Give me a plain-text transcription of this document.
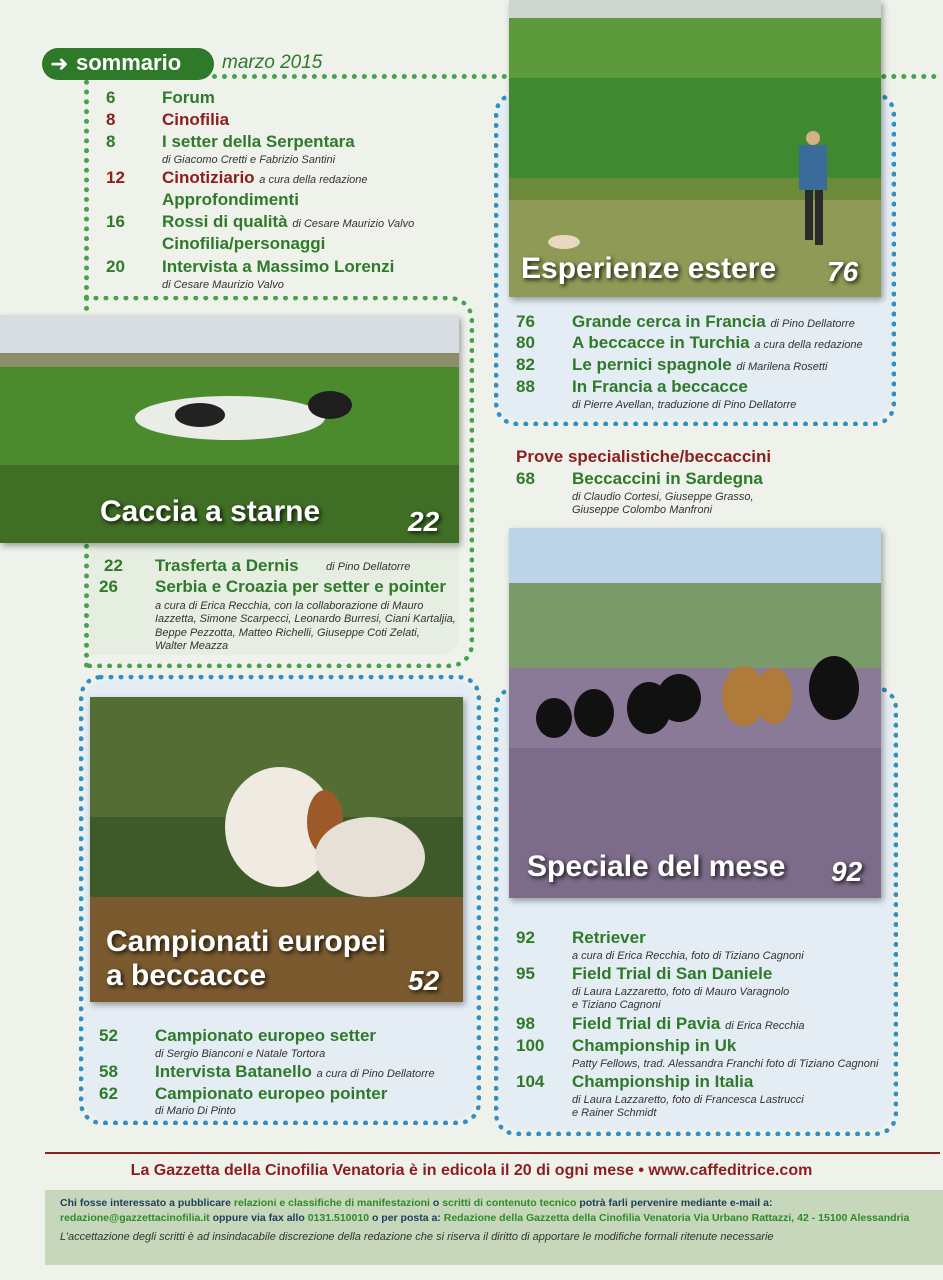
➜ sommario marzo 2015
6	Forum
8	Cinofilia
8	I setter della Serpentara
di Giacomo Cretti e Fabrizio Santini
12 Cinotiziario a cura della redazione
Approfondimenti
16 Rossi di qualità di Cesare Maurizio Valvo
Cinofilia/personaggi
20 Intervista a Massimo Lorenzi
di Cesare Maurizio Valvo	Esperienze estere 76
76 Grande cerca in Francia di Pino Dellatorre
80 A beccacce in Turchia a cura della redazione
82 Le pernici spagnole di Marilena Rosetti
88 In Francia a beccacce
di Pierre Avellan, traduzione di Pino Dellatorre
Prove specialistiche/beccaccini
68 Beccaccini in Sardegna
di Claudio Cortesi, Giuseppe Grasso,
Giuseppe Colombo Manfroni
Caccia a starne	22
22 Trasferta a Dernis di Pino Dellatorre
26 Serbia e Croazia per setter e pointer
a cura di Erica Recchia, con la collaborazione di Mauro
Iazzetta, Simone Scarpecci, Leonardo Burresi, Ciani Kartaljia,
Beppe Pezzotta, Matteo Richelli, Giuseppe Coti Zelati,
Walter Meazza
Campionati europei
a beccacce	52
52 Campionato europeo setter
di Sergio Bianconi e Natale Tortora
58 Intervista Batanello a cura di Pino Dellatorre
62 Campionato europeo pointer
di Mario Di Pinto
Speciale del mese 92
92 Retriever
a cura di Erica Recchia, foto di Tiziano Cagnoni
95 Field Trial di San Daniele
di Laura Lazzaretto, foto di Mauro Varagnolo
e Tiziano Cagnoni
98 Field Trial di Pavia di Erica Recchia
100 Championship in Uk
Patty Fellows, trad. Alessandra Franchi foto di Tiziano Cagnoni
104 Championship in Italia
di Laura Lazzaretto, foto di Francesca Lastrucci
e Rainer Schmidt
La Gazzetta della Cinofilia Venatoria è in edicola il 20 di ogni mese • www.caffeditrice.com
Chi fosse interessato a pubblicare relazioni e classifiche di manifestazioni o scritti di contenuto tecnico potrà farli pervenire mediante e-mail a:
redazione@gazzettacinofilia.it oppure via fax allo 0131.510010 o per posta a: Redazione della Gazzetta della Cinofilia Venatoria Via Urbano Rattazzi, 42 - 15100 Alessandria
L’accettazione degli scritti è ad insindacabile discrezione della redazione che si riserva il diritto di apportare le modifiche formali ritenute necessarie
